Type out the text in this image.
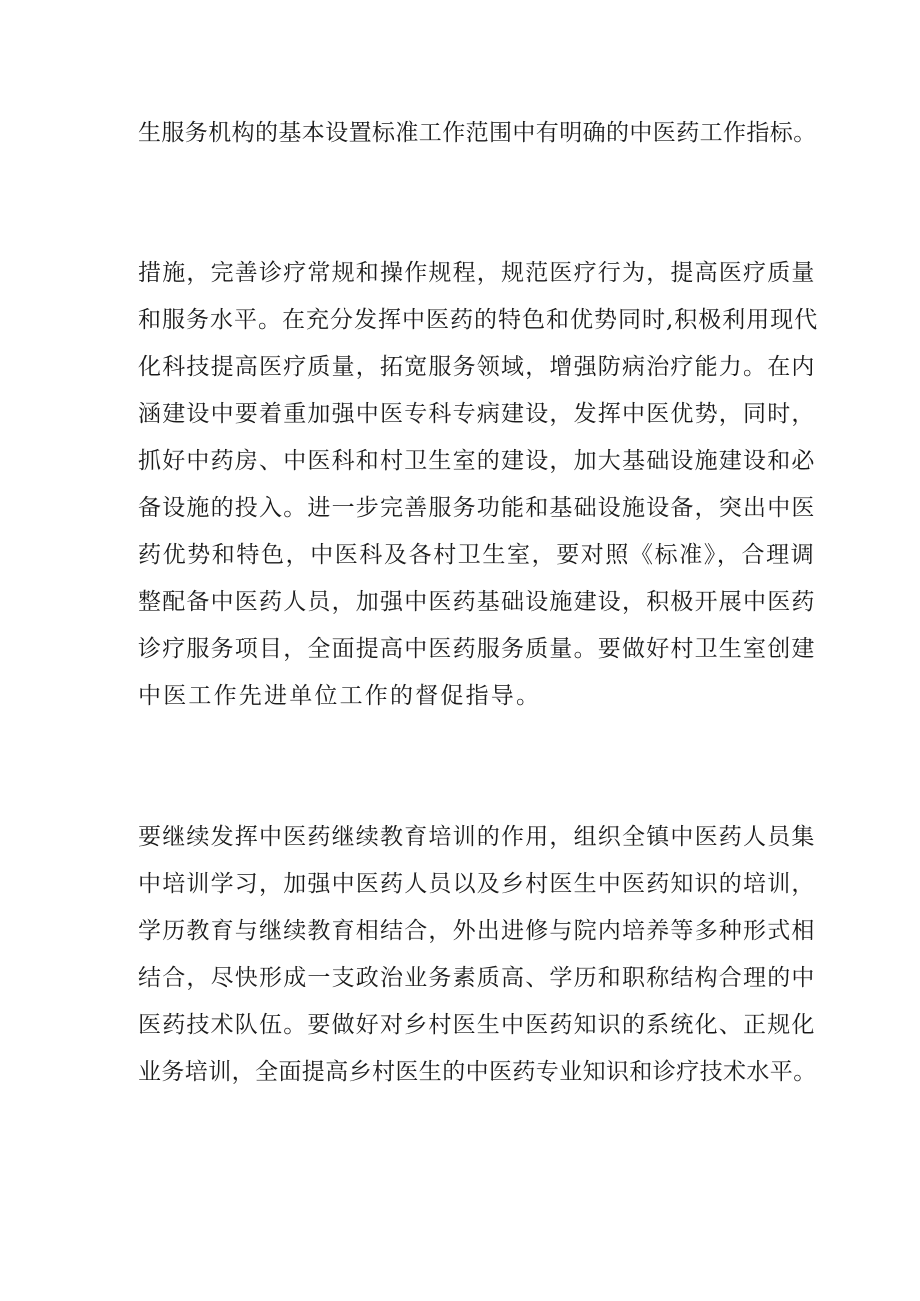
生服务机构的基本设置标准工作范围中有明确的中医药工作指标。
措施，完善诊疗常规和操作规程，规范医疗行为，提高医疗质量
和服务水平。在充分发挥中医药的特色和优势同时,积极利用现代
化科技提高医疗质量，拓宽服务领域，增强防病治疗能力。在内
涵建设中要着重加强中医专科专病建设，发挥中医优势，同时，
抓好中药房、中医科和村卫生室的建设，加大基础设施建设和必
备设施的投入。进一步完善服务功能和基础设施设备，突出中医
药优势和特色，中医科及各村卫生室，要对照《标准》，合理调
整配备中医药人员，加强中医药基础设施建设，积极开展中医药
诊疗服务项目，全面提高中医药服务质量。要做好村卫生室创建
中医工作先进单位工作的督促指导。
要继续发挥中医药继续教育培训的作用，组织全镇中医药人员集
中培训学习，加强中医药人员以及乡村医生中医药知识的培训，
学历教育与继续教育相结合，外出进修与院内培养等多种形式相
结合，尽快形成一支政治业务素质高、学历和职称结构合理的中
医药技术队伍。要做好对乡村医生中医药知识的系统化、正规化
业务培训，全面提高乡村医生的中医药专业知识和诊疗技术水平。
